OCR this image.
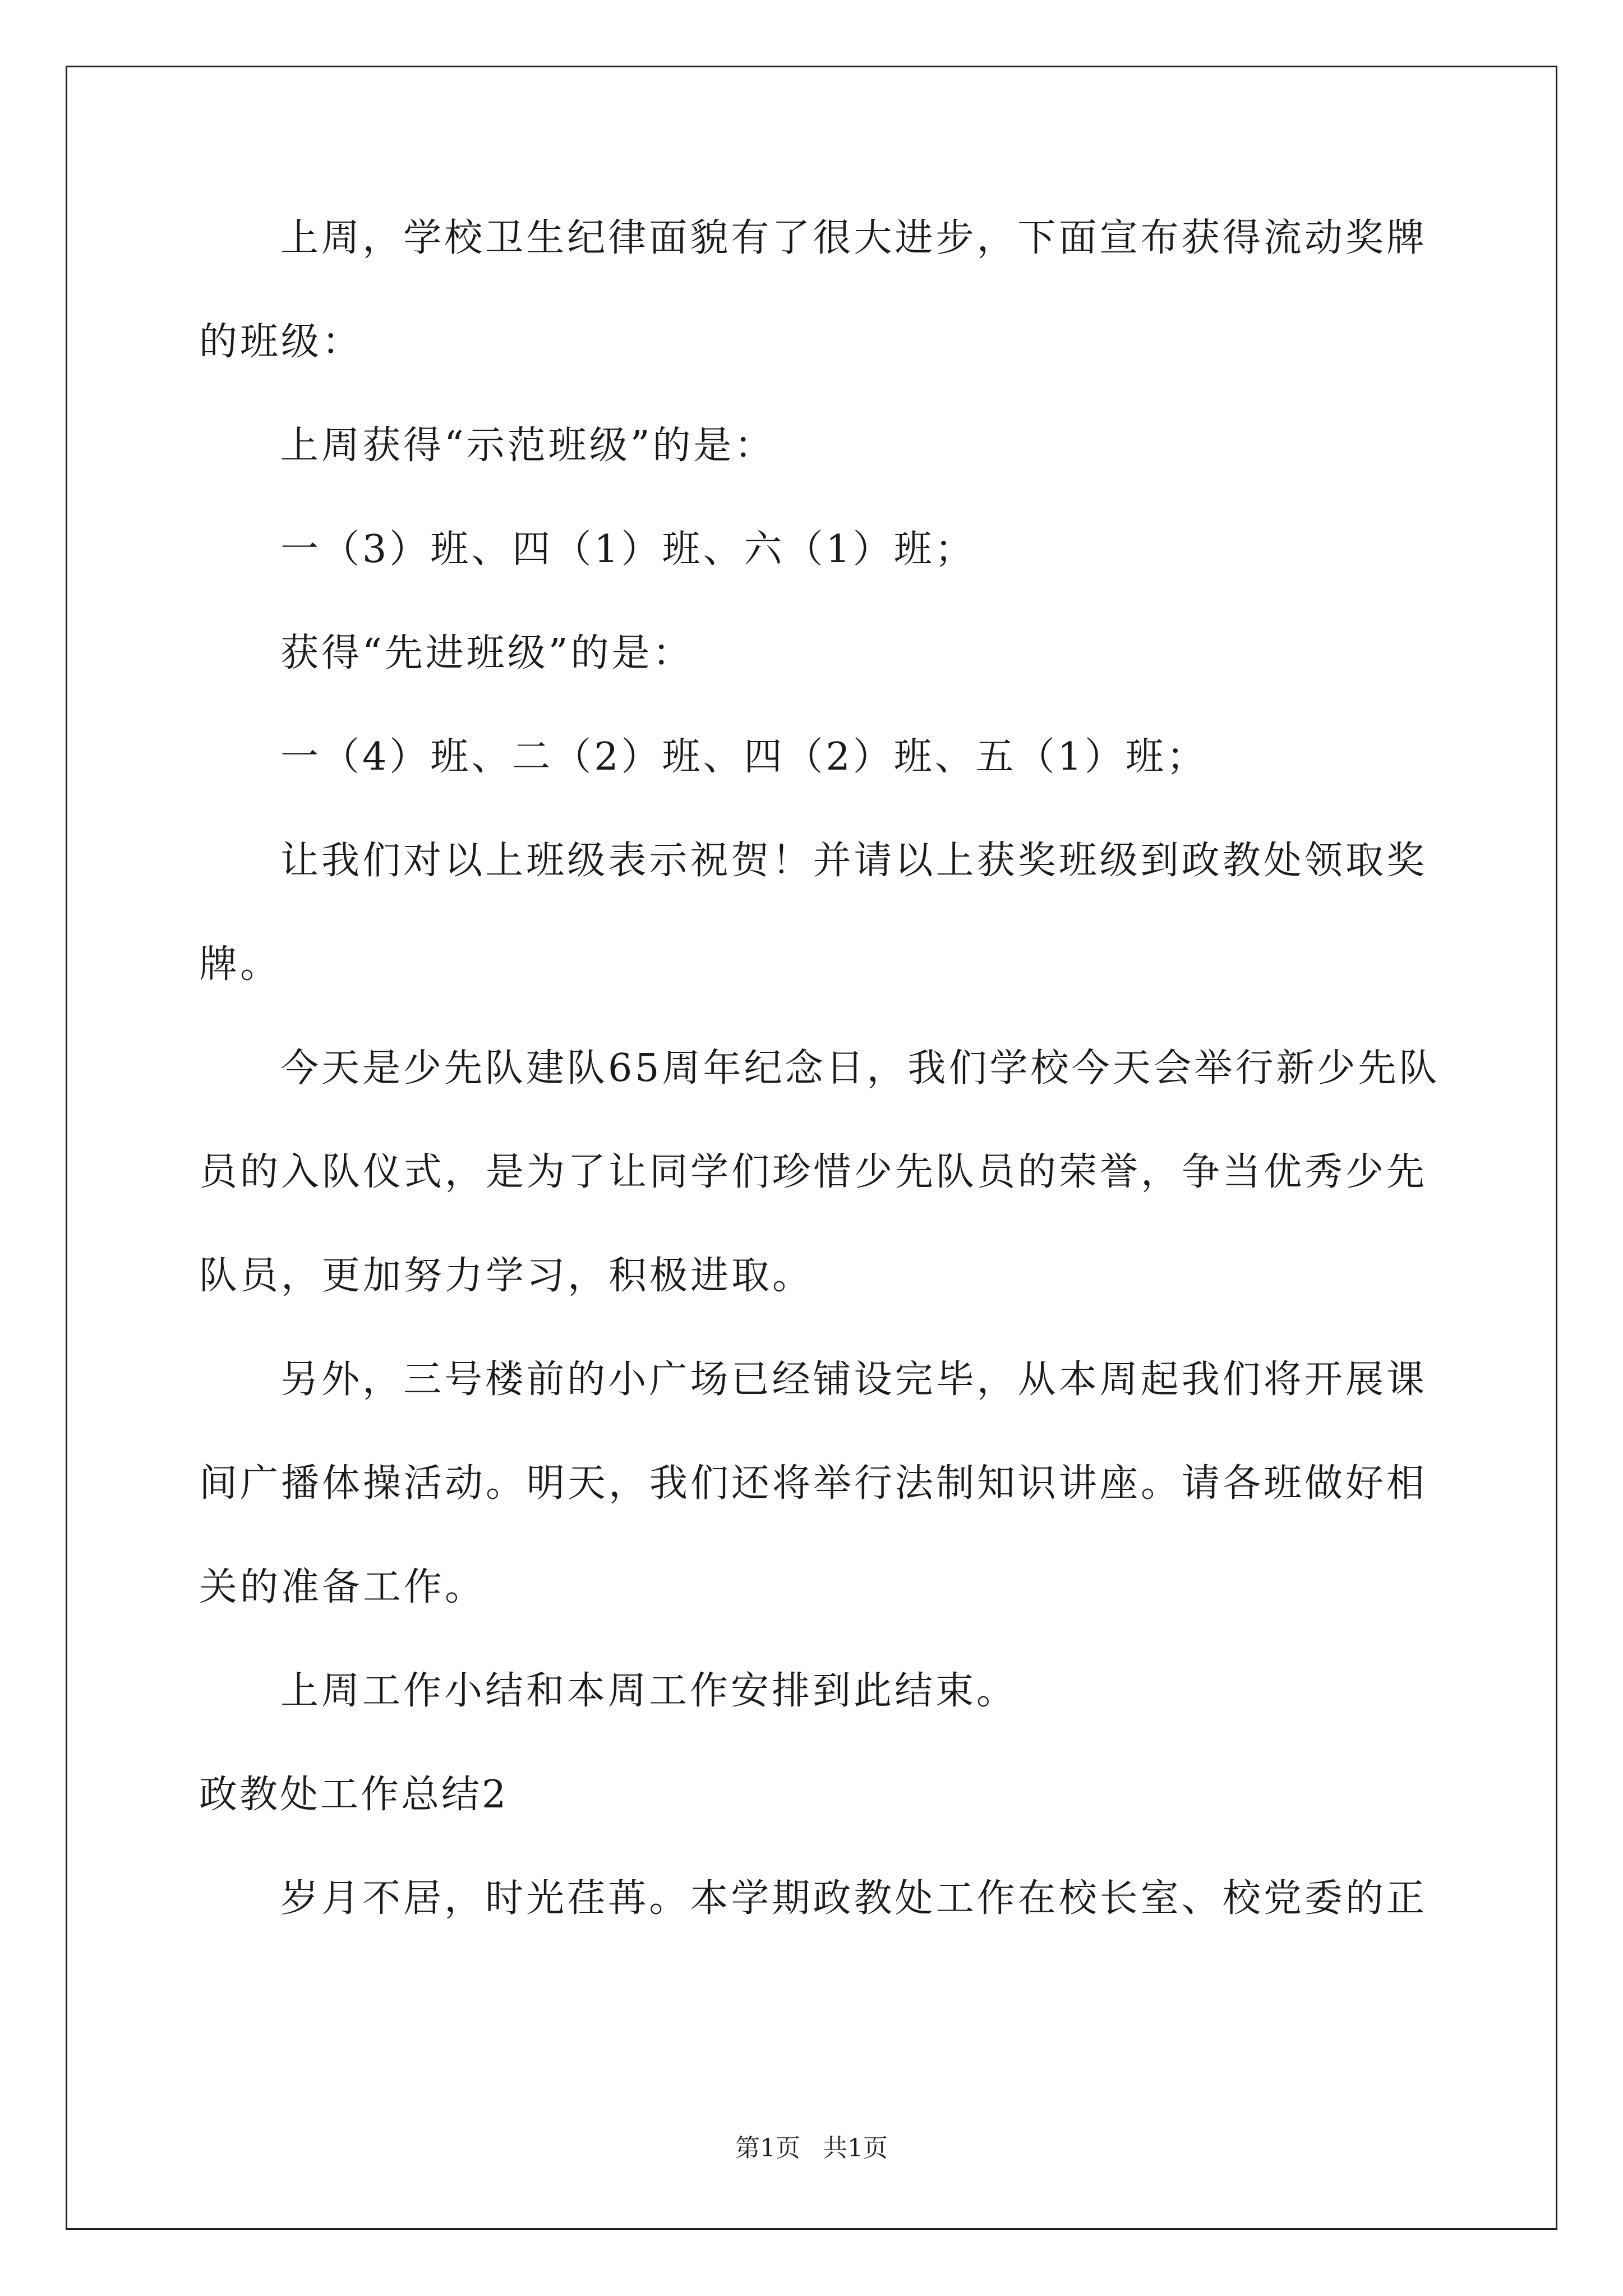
上周，学校卫生纪律面貌有了很大进步，下面宣布获得流动奖牌
的班级：
上周获得“示范班级”的是：
一（3）班、四（1）班、六（1）班；
获得“先进班级”的是：
一（4）班、二（2）班、四（2）班、五（1）班；
让我们对以上班级表示祝贺！并请以上获奖班级到政教处领取奖
牌。
今天是少先队建队65周年纪念日，我们学校今天会举行新少先队
员的入队仪式，是为了让同学们珍惜少先队员的荣誉，争当优秀少先
队员，更加努力学习，积极进取。
另外，三号楼前的小广场已经铺设完毕，从本周起我们将开展课
间广播体操活动。明天，我们还将举行法制知识讲座。请各班做好相
关的准备工作。
上周工作小结和本周工作安排到此结束。
政教处工作总结2
岁月不居，时光荏苒。本学期政教处工作在校长室、校党委的正
第1页 共1页
